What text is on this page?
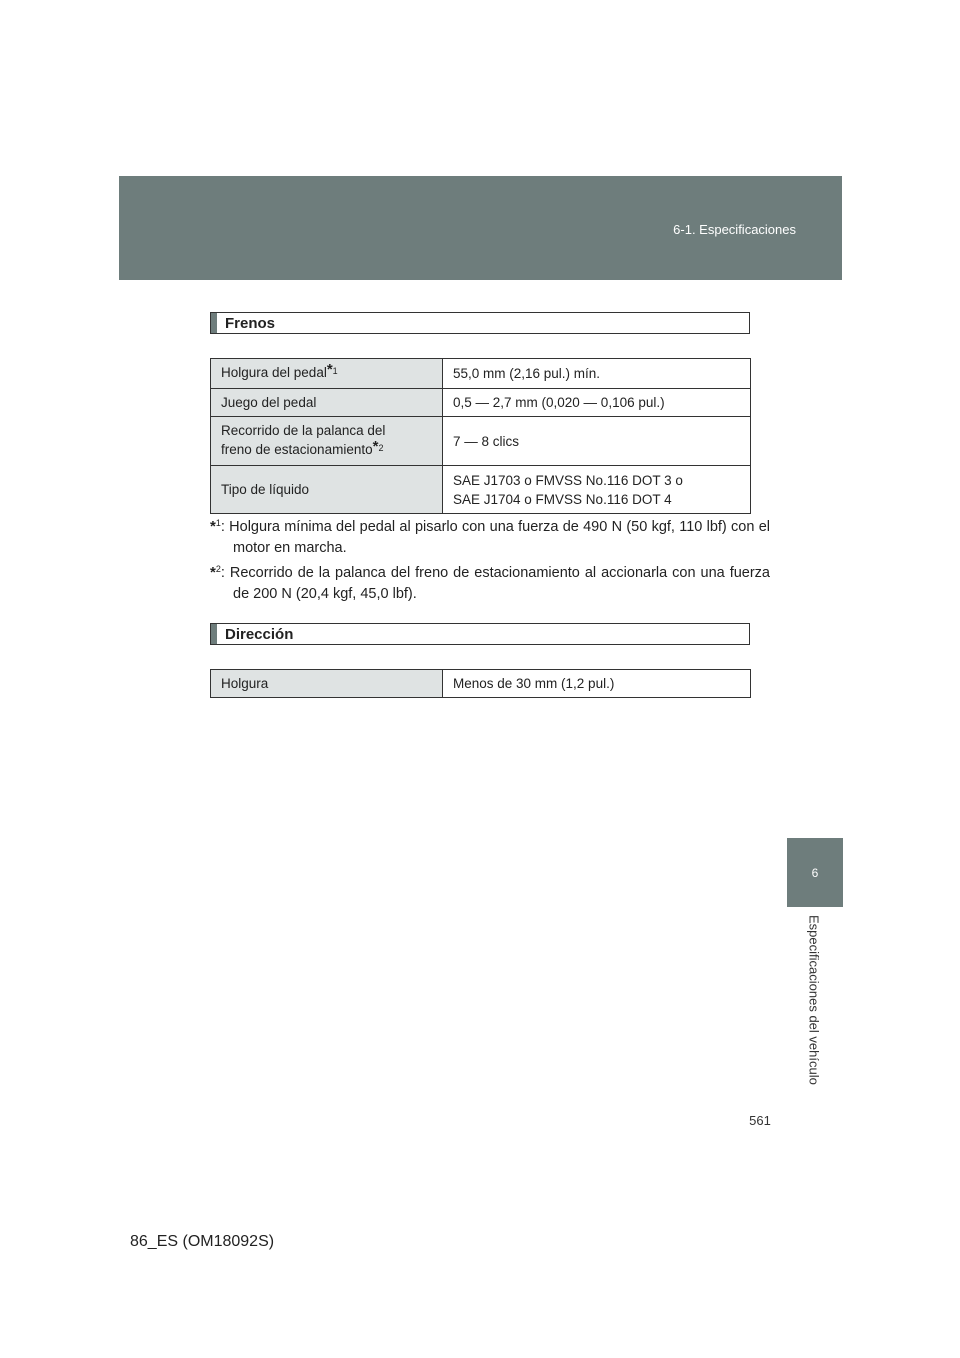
6-1. Especificaciones
Frenos
Holgura del pedal$^{*1}$	55,0 mm (2,16 pul.) mín.
Juego del pedal	0,5 — 2,7 mm (0,020 — 0,106 pul.)
Recorrido de la palanca del
freno de estacionamiento$^{*2}$	7 — 8 clics
Tipo de líquido	SAE J1703 o FMVSS No.116 DOT 3 o
SAE J1704 o FMVSS No.116 DOT 4
*$^1$: Holgura mínima del pedal al pisarlo con una fuerza de 490 N (50 kgf, 110 lbf) con el motor en marcha.
*$^2$: Recorrido de la palanca del freno de estacionamiento al accionarla con una fuerza de 200 N (20,4 kgf, 45,0 lbf).
Dirección
Holgura	Menos de 30 mm (1,2 pul.)
6
Especificaciones del vehículo
561
86_ES (OM18092S)
